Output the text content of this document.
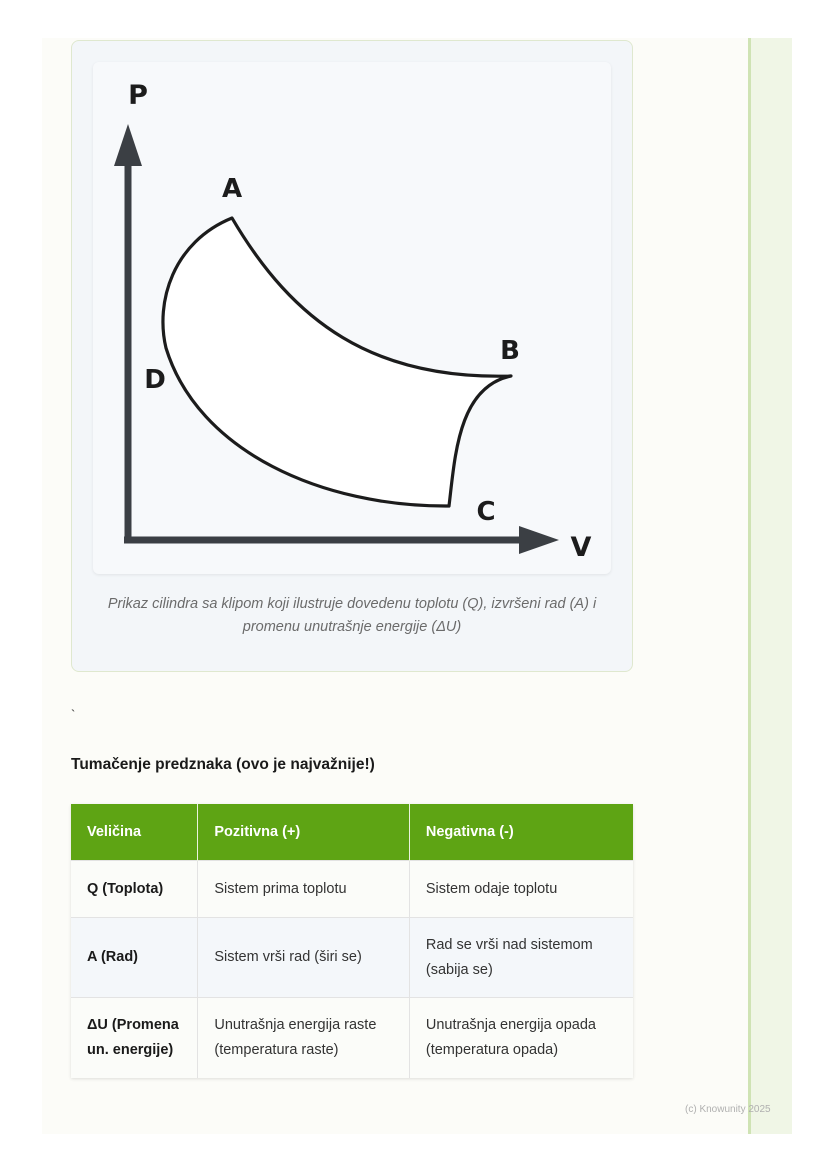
P
V
A
B
C
D
Prikaz cilindra sa klipom koji ilustruje dovedenu toplotu (Q), izvršeni rad (A) i promenu unutrašnje energije (ΔU)
`
Tumačenje predznaka (ovo je najvažnije!)
Veličina	Pozitivna (+)	Negativna (-)
Q (Toplota)	Sistem prima toplotu	Sistem odaje toplotu
A (Rad)	Sistem vrši rad (širi se)	Rad se vrši nad sistemom (sabija se)
ΔU (Promena un. energije)	Unutrašnja energija raste (temperatura raste)	Unutrašnja energija opada (temperatura opada)
(c) Knowunity 2025
